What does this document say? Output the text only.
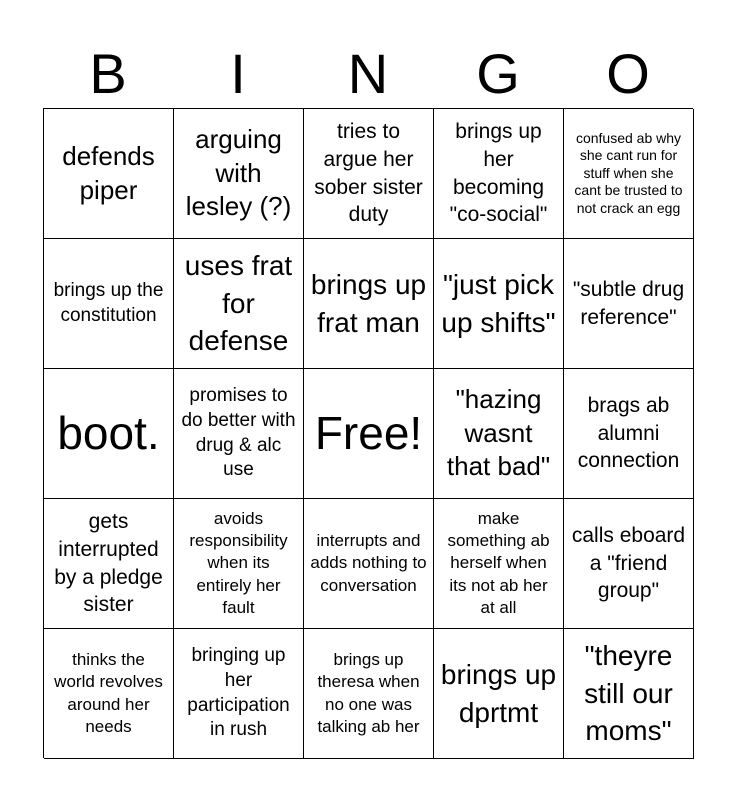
B	I	N	G	O
defends piper
arguing with lesley (?)
tries to argue her sober sister duty
brings up her becoming "co-social"
confused ab why she cant run for stuff when she cant be trusted to not crack an egg
brings up the constitution
uses frat for defense
brings up frat man
"just pick up shifts"
"subtle drug reference"
boot.
promises to do better with drug & alc use
Free!
"hazing wasnt that bad"
brags ab alumni connection
gets interrupted by a pledge sister
avoids responsibility when its entirely her fault
interrupts and adds nothing to conversation
make something ab herself when its not ab her at all
calls eboard a "friend group"
thinks the world revolves around her needs
bringing up her participation in rush
brings up theresa when no one was talking ab her
brings up dprtmt
"theyre still our moms"
